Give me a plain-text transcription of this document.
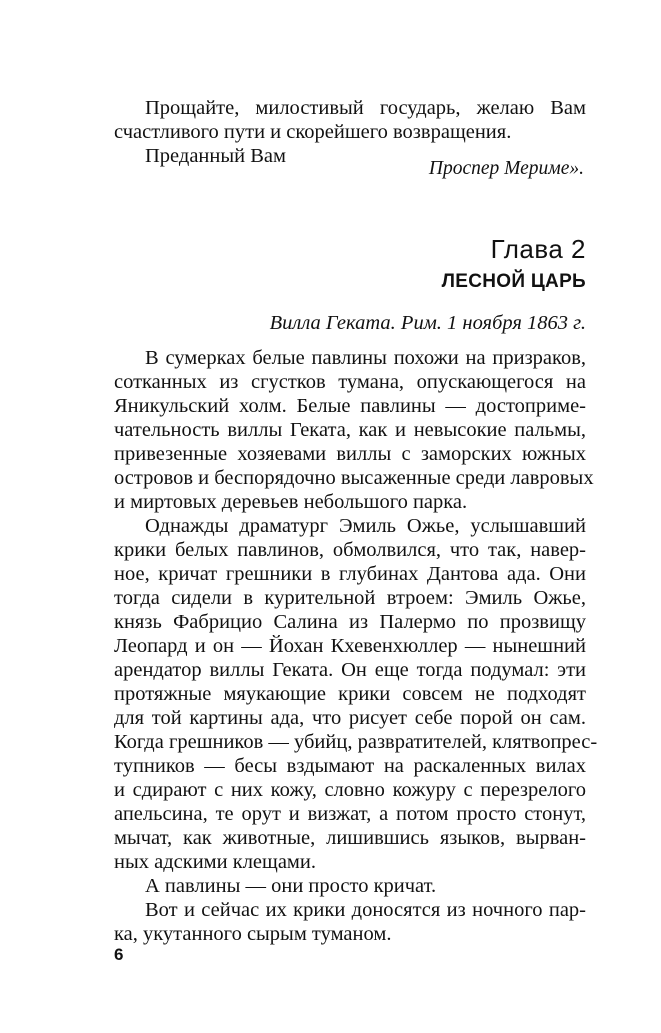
Прощайте, милостивый государь, желаю Вам
счастливого пути и скорейшего возвращения.
Преданный Вам
Проспер Мериме».
Глава 2
ЛЕСНОЙ ЦАРЬ
Вилла Геката. Рим. 1 ноября 1863 г.
В сумерках белые павлины похожи на призраков,
сотканных из сгустков тумана, опускающегося на
Яникульский холм. Белые павлины — достоприме-
чательность виллы Геката, как и невысокие пальмы,
привезенные хозяевами виллы с заморских южных
островов и беспорядочно высаженные среди лавровых
и миртовых деревьев небольшого парка.
Однажды драматург Эмиль Ожье, услышавший
крики белых павлинов, обмолвился, что так, навер-
ное, кричат грешники в глубинах Дантова ада. Они
тогда сидели в курительной втроем: Эмиль Ожье,
князь Фабрицио Салина из Палермо по прозвищу
Леопард и он — Йохан Кхевенхюллер — нынешний
арендатор виллы Геката. Он еще тогда подумал: эти
протяжные мяукающие крики совсем не подходят
для той картины ада, что рисует себе порой он сам.
Когда грешников — убийц, развратителей, клятвопрес-
тупников — бесы вздымают на раскаленных вилах
и сдирают с них кожу, словно кожуру с перезрелого
апельсина, те орут и визжат, а потом просто стонут,
мычат, как животные, лишившись языков, вырван-
ных адскими клещами.
А павлины — они просто кричат.
Вот и сейчас их крики доносятся из ночного пар-
ка, укутанного сырым туманом.
6
